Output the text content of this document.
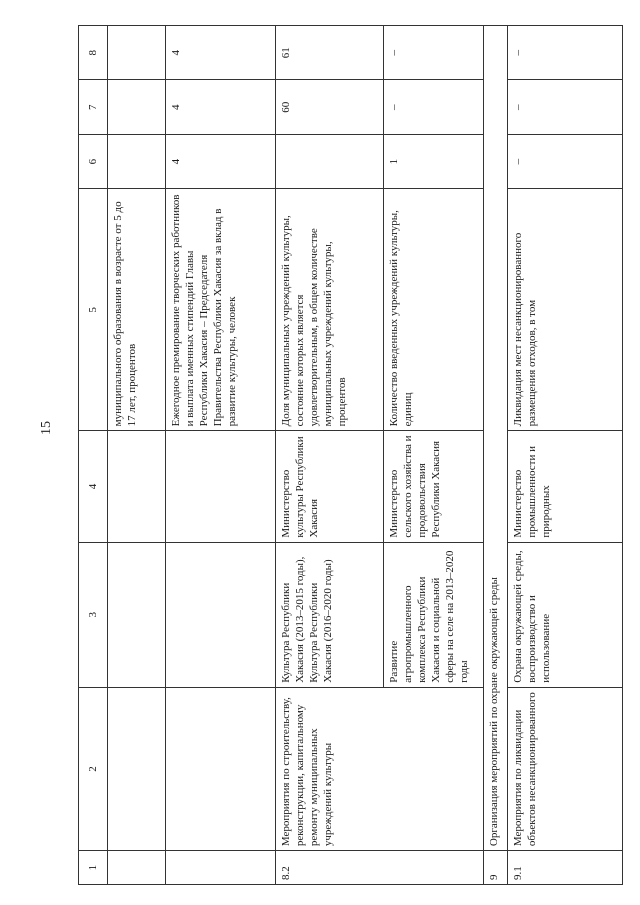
15
1	2	3	4	5	6	7	8
				муниципального образования в возрасте от 5 до 17 лет, процентов			
				Ежегодное премирование творческих работников и выплата именных стипендий Главы Республики Хакасия – Председателя Правительства Республики Хакасия за вклад в развитие культуры, человек	4	4	4
8.2	Мероприятия по строительству, реконструкции, капитальному ремонту муниципальных учреждений культуры	Культура Республики Хакасия (2013–2015 годы), Культура Республики Хакасия (2016–2020 годы)	Министерство культуры Республики Хакасия	Доля муниципальных учреждений культуры, состояние которых является удовлетворительным, в общем количестве муниципальных учреждений культуры, процентов		60	61
		Развитие агропромышленного комплекса Республики Хакасия и социальной сферы на селе на 2013–2020 годы	Министерство сельского хозяйства и продовольствия Республики Хакасия	Количество введенных учреждений культуры, единиц	1	–	–
9	Организация мероприятий по охране окружающей среды						
9.1	Мероприятия по ликвидации объектов несанкционированного	Охрана окружающей среды, воспроизводство и использование	Министерство промышленности и природных	Ликвидация мест несанкционированного размещения отходов, в том	–	–	–
